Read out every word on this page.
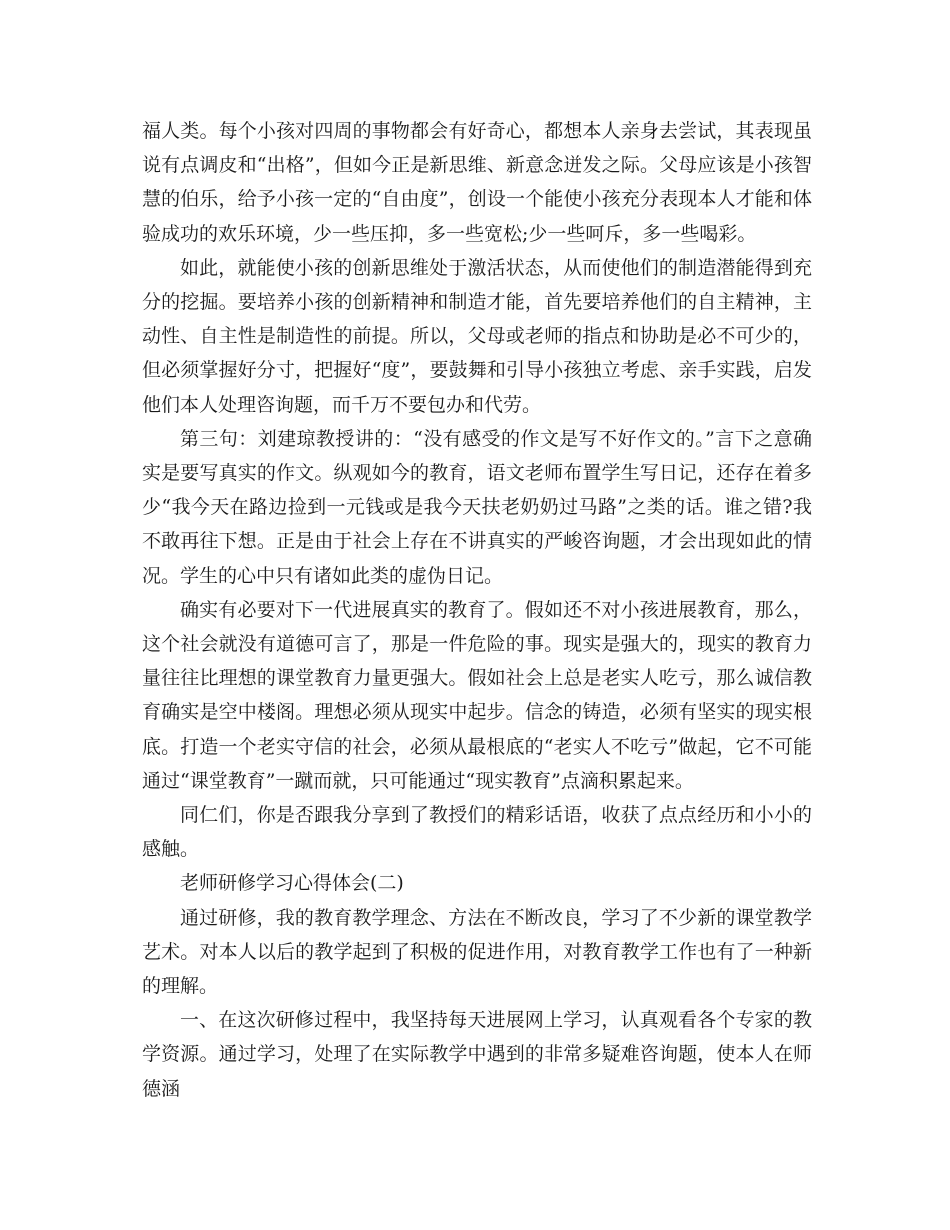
福人类。每个小孩对四周的事物都会有好奇心，都想本人亲身去尝试，其表现虽说有点调皮和“出格”，但如今正是新思维、新意念迸发之际。父母应该是小孩智慧的伯乐，给予小孩一定的“自由度”，创设一个能使小孩充分表现本人才能和体验成功的欢乐环境，少一些压抑，多一些宽松;少一些呵斥，多一些喝彩。

如此，就能使小孩的创新思维处于激活状态，从而使他们的制造潜能得到充分的挖掘。要培养小孩的创新精神和制造才能，首先要培养他们的自主精神，主动性、自主性是制造性的前提。所以，父母或老师的指点和协助是必不可少的，但必须掌握好分寸，把握好“度”，要鼓舞和引导小孩独立考虑、亲手实践，启发他们本人处理咨询题，而千万不要包办和代劳。

第三句：刘建琼教授讲的：“没有感受的作文是写不好作文的。”言下之意确实是要写真实的作文。纵观如今的教育，语文老师布置学生写日记，还存在着多少“我今天在路边捡到一元钱或是我今天扶老奶奶过马路”之类的话。谁之错?我不敢再往下想。正是由于社会上存在不讲真实的严峻咨询题，才会出现如此的情况。学生的心中只有诸如此类的虚伪日记。

确实有必要对下一代进展真实的教育了。假如还不对小孩进展教育，那么，这个社会就没有道德可言了，那是一件危险的事。现实是强大的，现实的教育力量往往比理想的课堂教育力量更强大。假如社会上总是老实人吃亏，那么诚信教育确实是空中楼阁。理想必须从现实中起步。信念的铸造，必须有坚实的现实根底。打造一个老实守信的社会，必须从最根底的“老实人不吃亏”做起，它不可能通过“课堂教育”一蹴而就，只可能通过“现实教育”点滴积累起来。

同仁们，你是否跟我分享到了教授们的精彩话语，收获了点点经历和小小的感触。

老师研修学习心得体会(二)

通过研修，我的教育教学理念、方法在不断改良，学习了不少新的课堂教学艺术。对本人以后的教学起到了积极的促进作用，对教育教学工作也有了一种新的理解。

一、在这次研修过程中，我坚持每天进展网上学习，认真观看各个专家的教学资源。通过学习，处理了在实际教学中遇到的非常多疑难咨询题，使本人在师德涵
